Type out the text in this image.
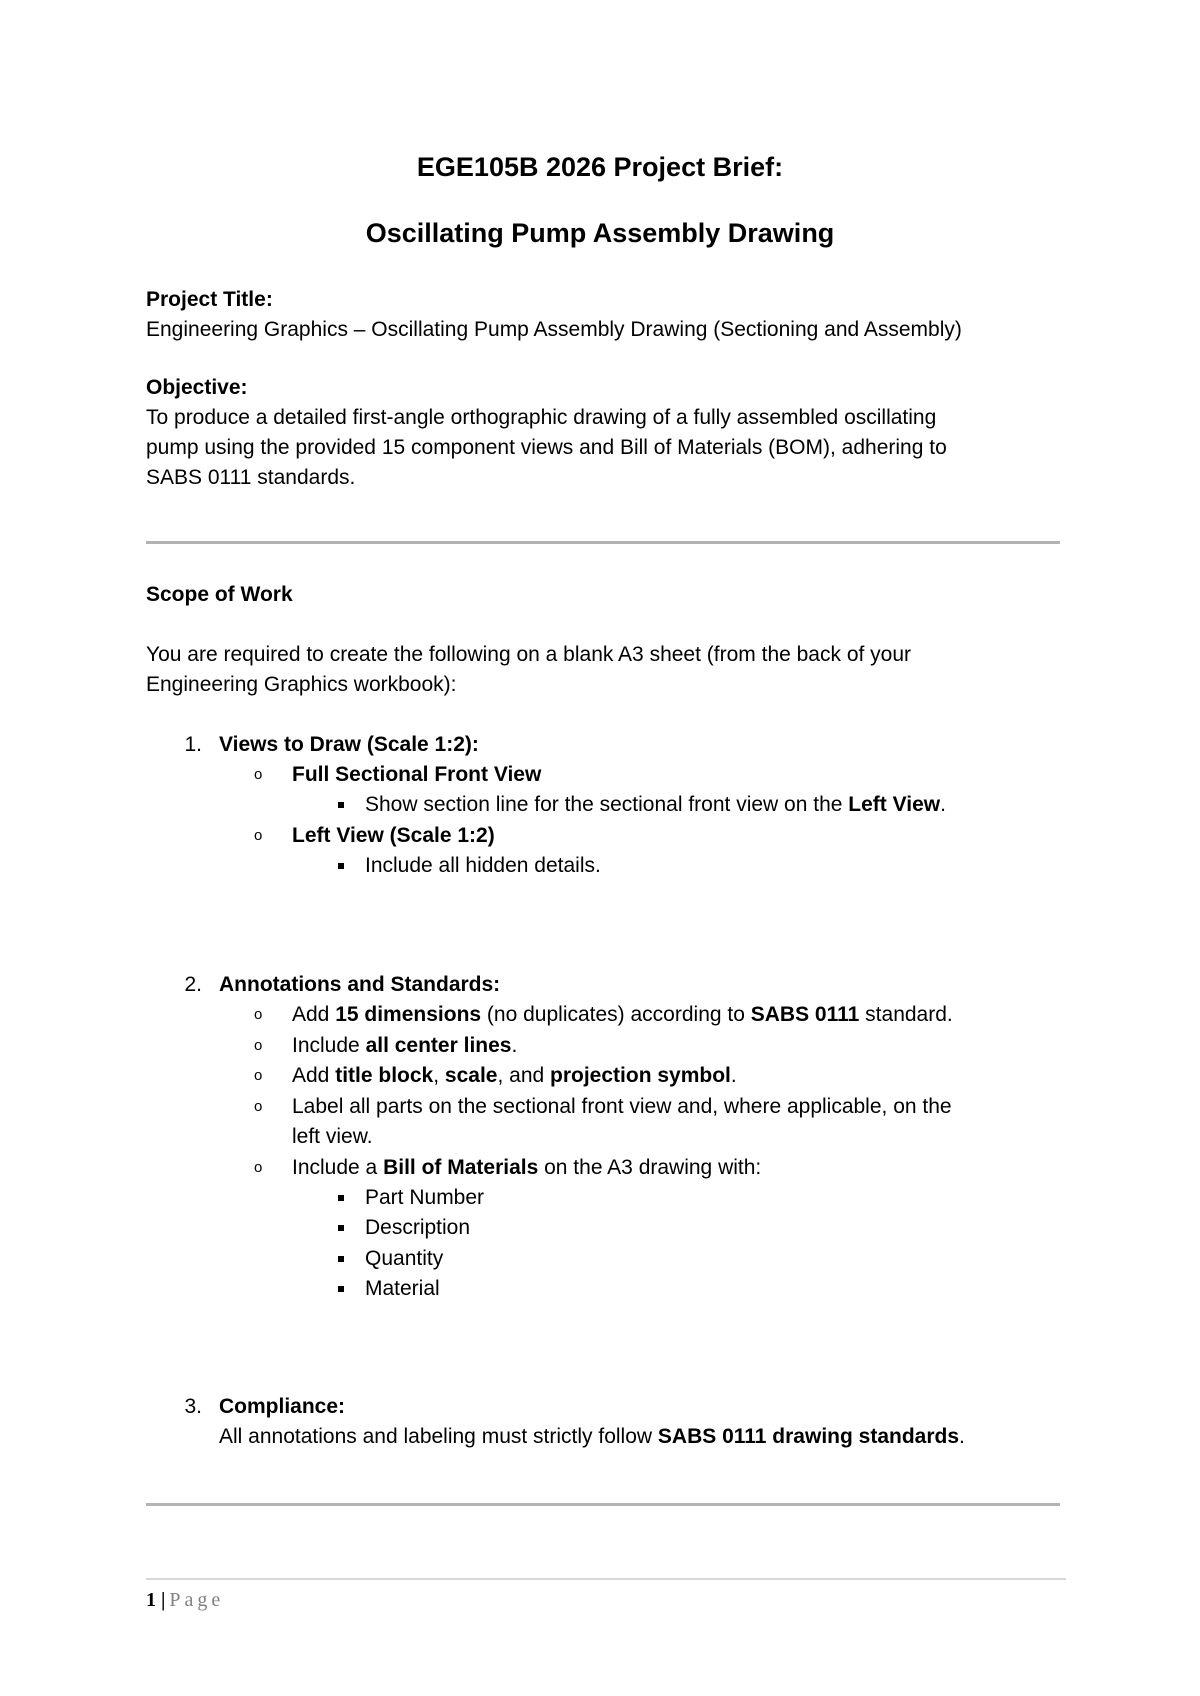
EGE105B 2026 Project Brief:
Oscillating Pump Assembly Drawing
Project Title:
Engineering Graphics – Oscillating Pump Assembly Drawing (Sectioning and Assembly)
Objective:
To produce a detailed first-angle orthographic drawing of a fully assembled oscillating
pump using the provided 15 component views and Bill of Materials (BOM), adhering to
SABS 0111 standards.
Scope of Work
You are required to create the following on a blank A3 sheet (from the back of your
Engineering Graphics workbook):
1. Views to Draw (Scale 1:2):
o Full Sectional Front View
Show section line for the sectional front view on the Left View.
o Left View (Scale 1:2)
Include all hidden details.
2. Annotations and Standards:
o Add 15 dimensions (no duplicates) according to SABS 0111 standard.
o Include all center lines.
o Add title block, scale, and projection symbol.
o Label all parts on the sectional front view and, where applicable, on the
left view.
o Include a Bill of Materials on the A3 drawing with:
Part Number
Description
Quantity
Material
3. Compliance:
All annotations and labeling must strictly follow SABS 0111 drawing standards.
1 | Page
